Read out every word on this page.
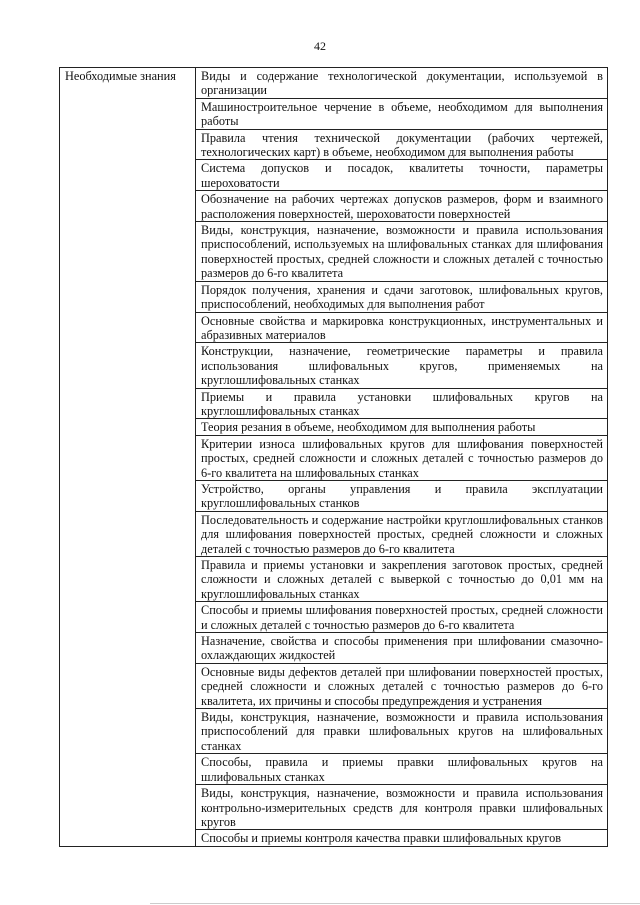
42
Необходимые знания	Виды и содержание технологической документации, используемой в организации

Машиностроительное черчение в объеме, необходимом для выполнения работы

Правила чтения технической документации (рабочих чертежей, технологических карт) в объеме, необходимом для выполнения работы

Система допусков и посадок, квалитеты точности, параметры шероховатости

Обозначение на рабочих чертежах допусков размеров, форм и взаимного расположения поверхностей, шероховатости поверхностей

Виды, конструкция, назначение, возможности и правила использования приспособлений, используемых на шлифовальных станках для шлифования поверхностей простых, средней сложности и сложных деталей с точностью размеров до 6-го квалитета

Порядок получения, хранения и сдачи заготовок, шлифовальных кругов, приспособлений, необходимых для выполнения работ

Основные свойства и маркировка конструкционных, инструментальных и абразивных материалов

Конструкции, назначение, геометрические параметры и правила использования шлифовальных кругов, применяемых на круглошлифовальных станках

Приемы и правила установки шлифовальных кругов на круглошлифовальных станках

Теория резания в объеме, необходимом для выполнения работы

Критерии износа шлифовальных кругов для шлифования поверхностей простых, средней сложности и сложных деталей с точностью размеров до 6-го квалитета на шлифовальных станках

Устройство, органы управления и правила эксплуатации круглошлифовальных станков

Последовательность и содержание настройки круглошлифовальных станков для шлифования поверхностей простых, средней сложности и сложных деталей с точностью размеров до 6-го квалитета

Правила и приемы установки и закрепления заготовок простых, средней сложности и сложных деталей с выверкой с точностью до 0,01 мм на круглошлифовальных станках

Способы и приемы шлифования поверхностей простых, средней сложности и сложных деталей с точностью размеров до 6-го квалитета

Назначение, свойства и способы применения при шлифовании смазочно-охлаждающих жидкостей

Основные виды дефектов деталей при шлифовании поверхностей простых, средней сложности и сложных деталей с точностью размеров до 6-го квалитета, их причины и способы предупреждения и устранения

Виды, конструкция, назначение, возможности и правила использования приспособлений для правки шлифовальных кругов на шлифовальных станках

Способы, правила и приемы правки шлифовальных кругов на шлифовальных станках

Виды, конструкция, назначение, возможности и правила использования контрольно-измерительных средств для контроля правки шлифовальных кругов

Способы и приемы контроля качества правки шлифовальных кругов
